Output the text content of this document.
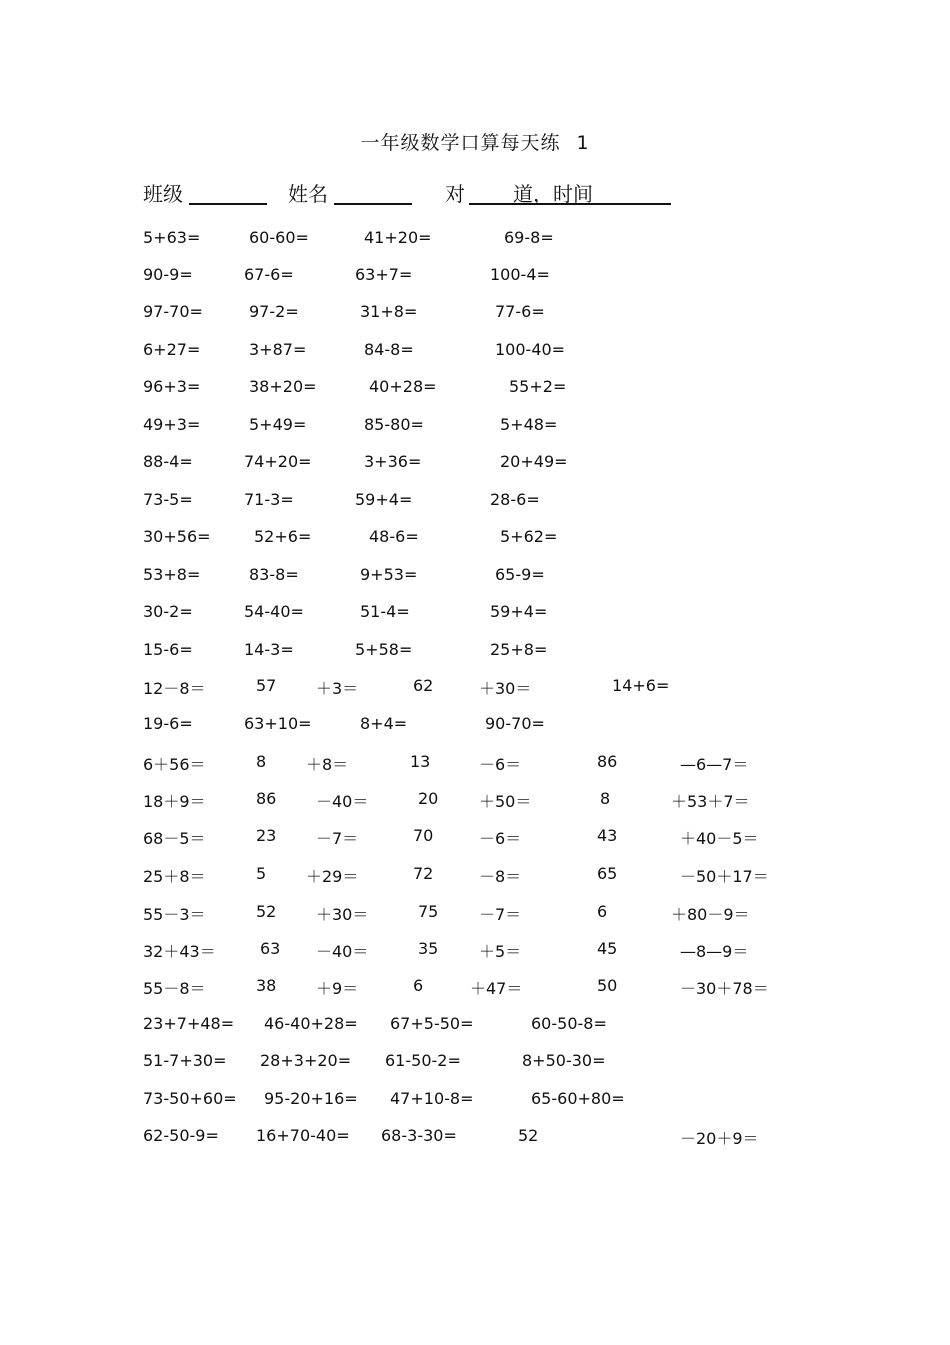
一年级数学口算每天练 1
班级	姓名	对 道，时间
5+63=	60-60=	41+20=	69-8=
90-9=	67-6=	63+7=	100-4=
97-70=	97-2=	31+8=	77-6=
6+27=	3+87=	84-8=	100-40=
96+3=	38+20=	40+28=	55+2=
49+3=	5+49=	85-80=	5+48=
88-4=	74+20=	3+36=	20+49=
73-5=	71-3=	59+4=	28-6=
30+56=	52+6=	48-6=	5+62=
53+8=	83-8=	9+53=	65-9=
30-2=	54-40=	51-4=	59+4=
15-6=	14-3=	5+58=	25+8=
12－8＝	57 ＋3＝	62	＋30＝	14+6=
19-6=	63+10=	8+4=	90-70=
6＋56＝	8 ＋8＝	13	－6＝	86	—6—7＝
18＋9＝	86 －40＝	20	＋50＝	8	＋53＋7＝
68－5＝	23 －7＝	70	－6＝	43	＋40－5＝
25＋8＝	5 ＋29＝	72	－8＝	65	－50＋17＝
55－3＝	52 ＋30＝	75	－7＝	6	＋80－9＝
32＋43＝	63 －40＝	35	＋5＝	45	—8—9＝
55－8＝	38 ＋9＝	6	＋47＝	50	－30＋78＝
23+7+48= 46-40+28= 67+5-50=	60-50-8=
51-7+30= 28+3+20= 61-50-2=	8+50-30=
73-50+60= 95-20+16= 47+10-8=	65-60+80=
62-50-9= 16+70-40= 68-3-30=	52	－20＋9＝
